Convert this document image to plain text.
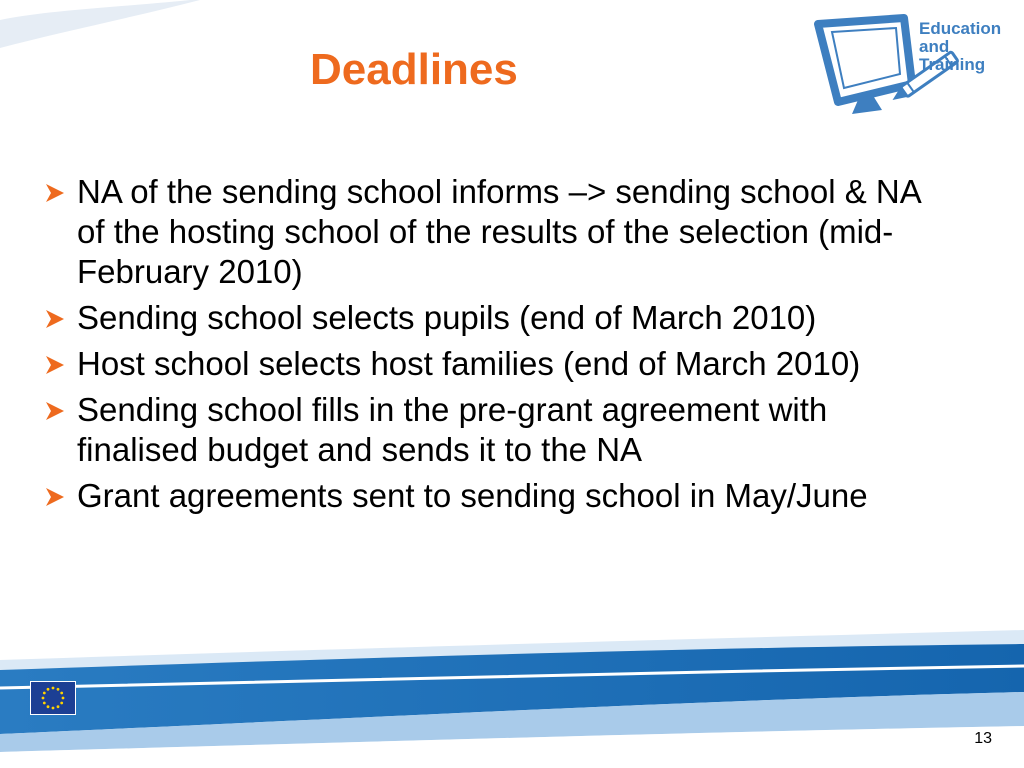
Deadlines
Education
and
Training
NA of the sending school informs –> sending school & NA of the hosting school of the results of the selection (mid-February 2010)
Sending school selects pupils (end of March 2010)
Host school selects host families (end of March 2010)
Sending school fills in the pre-grant agreement with finalised budget and sends it to the NA
Grant agreements sent to sending school in May/June
13
